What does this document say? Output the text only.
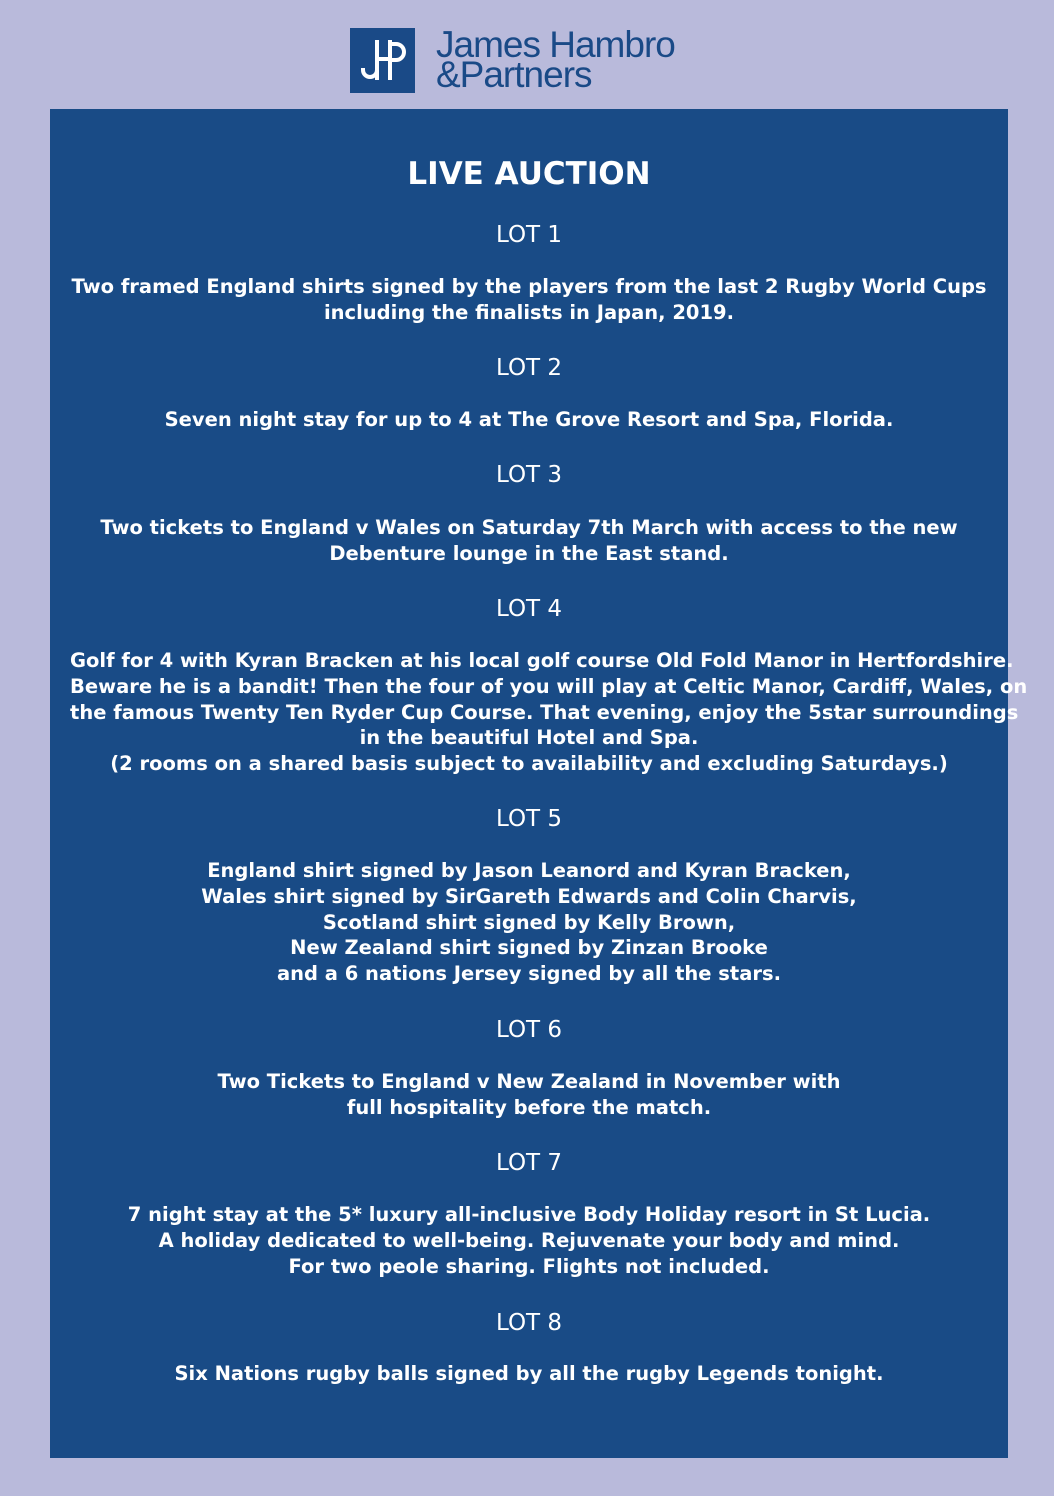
James Hambro
&Partners
LIVE AUCTION
LOT 1
Two framed England shirts signed by the players from the last 2 Rugby World Cups
including the finalists in Japan, 2019.
LOT 2
Seven night stay for up to 4 at The Grove Resort and Spa, Florida.
LOT 3
Two tickets to England v Wales on Saturday 7th March with access to the new
Debenture lounge in the East stand.
LOT 4
Golf for 4 with Kyran Bracken at his local golf course Old Fold Manor in Hertfordshire.
Beware he is a bandit! Then the four of you will play at Celtic Manor, Cardiff, Wales, on
the famous Twenty Ten Ryder Cup Course. That evening, enjoy the 5star surroundings
in the beautiful Hotel and Spa.
(2 rooms on a shared basis subject to availability and excluding Saturdays.)
LOT 5
England shirt signed by Jason Leanord and Kyran Bracken,
Wales shirt signed by SirGareth Edwards and Colin Charvis,
Scotland shirt signed by Kelly Brown,
New Zealand shirt signed by Zinzan Brooke
and a 6 nations Jersey signed by all the stars.
LOT 6
Two Tickets to England v New Zealand in November with
full hospitality before the match.
LOT 7
7 night stay at the 5* luxury all-inclusive Body Holiday resort in St Lucia.
A holiday dedicated to well-being. Rejuvenate your body and mind.
For two peole sharing. Flights not included.
LOT 8
Six Nations rugby balls signed by all the rugby Legends tonight.
